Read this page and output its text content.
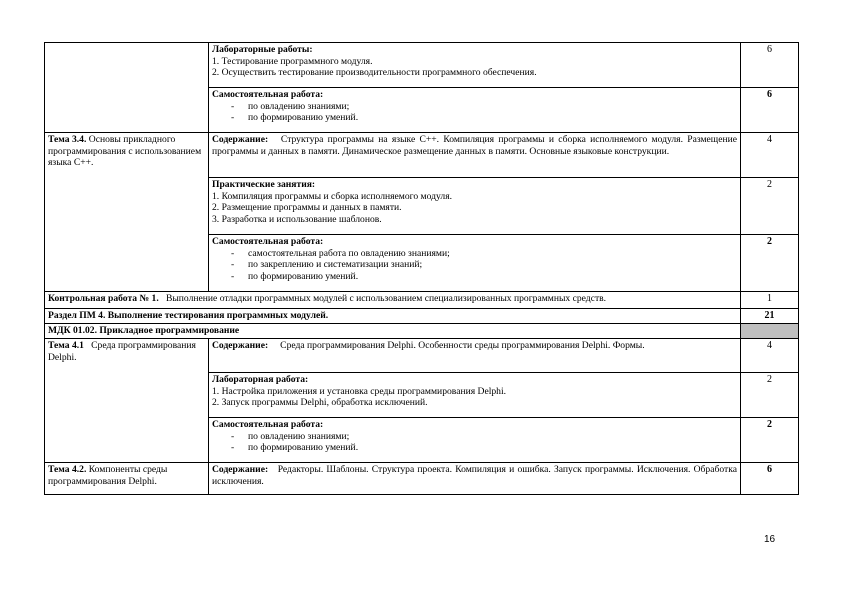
	Лабораторные работы:
1. Тестирование программного модуля.
2. Осуществить тестирование производительности программного обеспечения.	6

	Самостоятельная работа:
- по овладению знаниями;
- по формированию умений.	6
Тема 3.4. Основы прикладного программирования с использованием языка С++.	Содержание: Структура программы на языке С++. Компиляция программы и сборка исполняемого модуля. Размещение программы и данных в памяти. Динамическое размещение данных в памяти. Основные языковые конструкции.	4

	Практические занятия:
1. Компиляция программы и сборка исполняемого модуля.
2. Размещение программы и данных в памяти.
3. Разработка и использование шаблонов.	2

	Самостоятельная работа:
- самостоятельная работа по овладению знаниями;
- по закреплению и систематизации знаний;
- по формированию умений.	2
Контрольная работа № 1. Выполнение отладки программных модулей с использованием специализированных программных средств.		1
Раздел ПМ 4. Выполнение тестирования программных модулей.		21
МДК 01.02. Прикладное программирование		
Тема 4.1 Среда программирования Delphi.	Содержание: Среда программирования Delphi. Особенности среды программирования Delphi. Формы.	4

	Лабораторная работа:
1. Настройка приложения и установка среды программирования Delphi.
2. Запуск программы Delphi, обработка исключений.	2

	Самостоятельная работа:
- по овладению знаниями;
- по формированию умений.	2
Тема 4.2. Компоненты среды программирования Delphi.	Содержание: Редакторы. Шаблоны. Структура проекта. Компиляция и ошибка. Запуск программы. Исключения. Обработка исключения.	6
16
